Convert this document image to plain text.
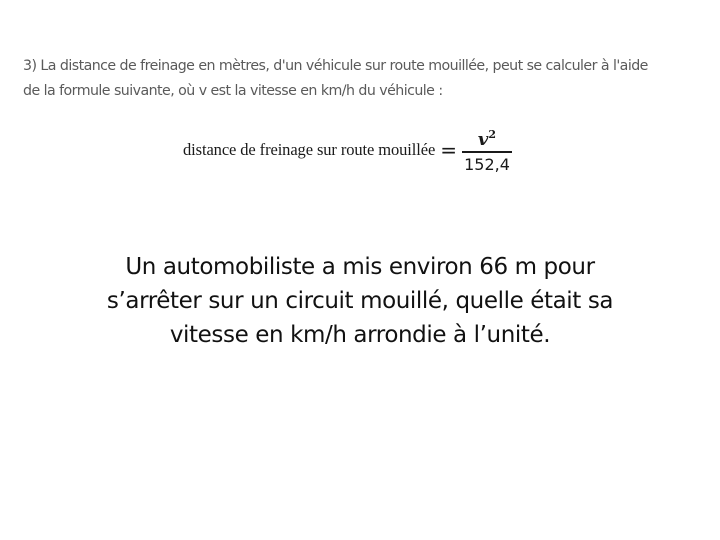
3) La distance de freinage en mètres, d'un véhicule sur route mouillée, peut se calculer à l'aide
de la formule suivante, où v est la vitesse en km/h du véhicule :
distance de freinage sur route mouillée = $\frac{v^2}{152,4}$
Un automobiliste a mis environ 66 m pour
s’arrêter sur un circuit mouillé, quelle était sa
vitesse en km/h arrondie à l’unité.
